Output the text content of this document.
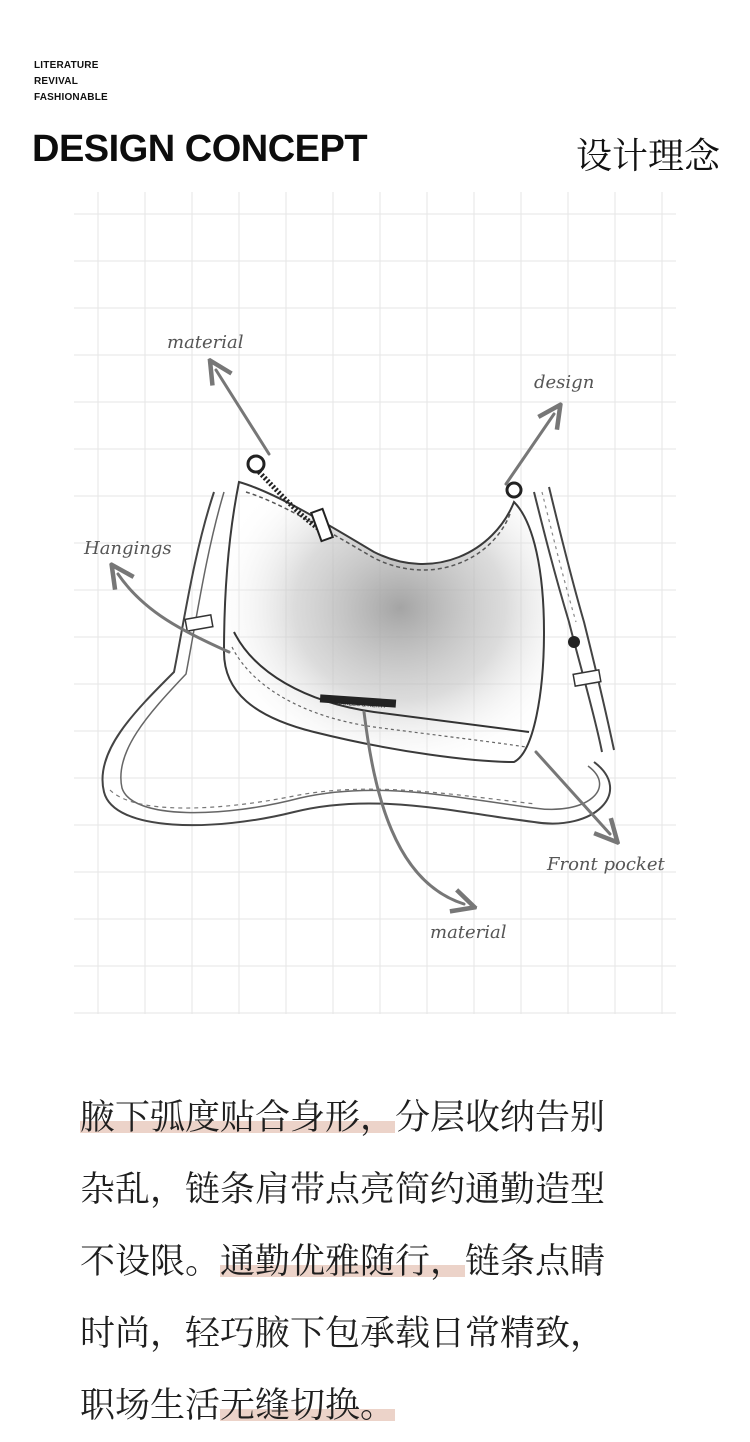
LITERATURE
REVIVAL
FASHIONABLE
DESIGN CONCEPT	设计理念
material
design
Hangings
Front pocket
material
CHARLES & KEITH
腋下弧度贴合身形，分层收纳告别
杂乱，链条肩带点亮简约通勤造型
不设限。通勤优雅随行，链条点睛
时尚，轻巧腋下包承载日常精致，
职场生活无缝切换。
